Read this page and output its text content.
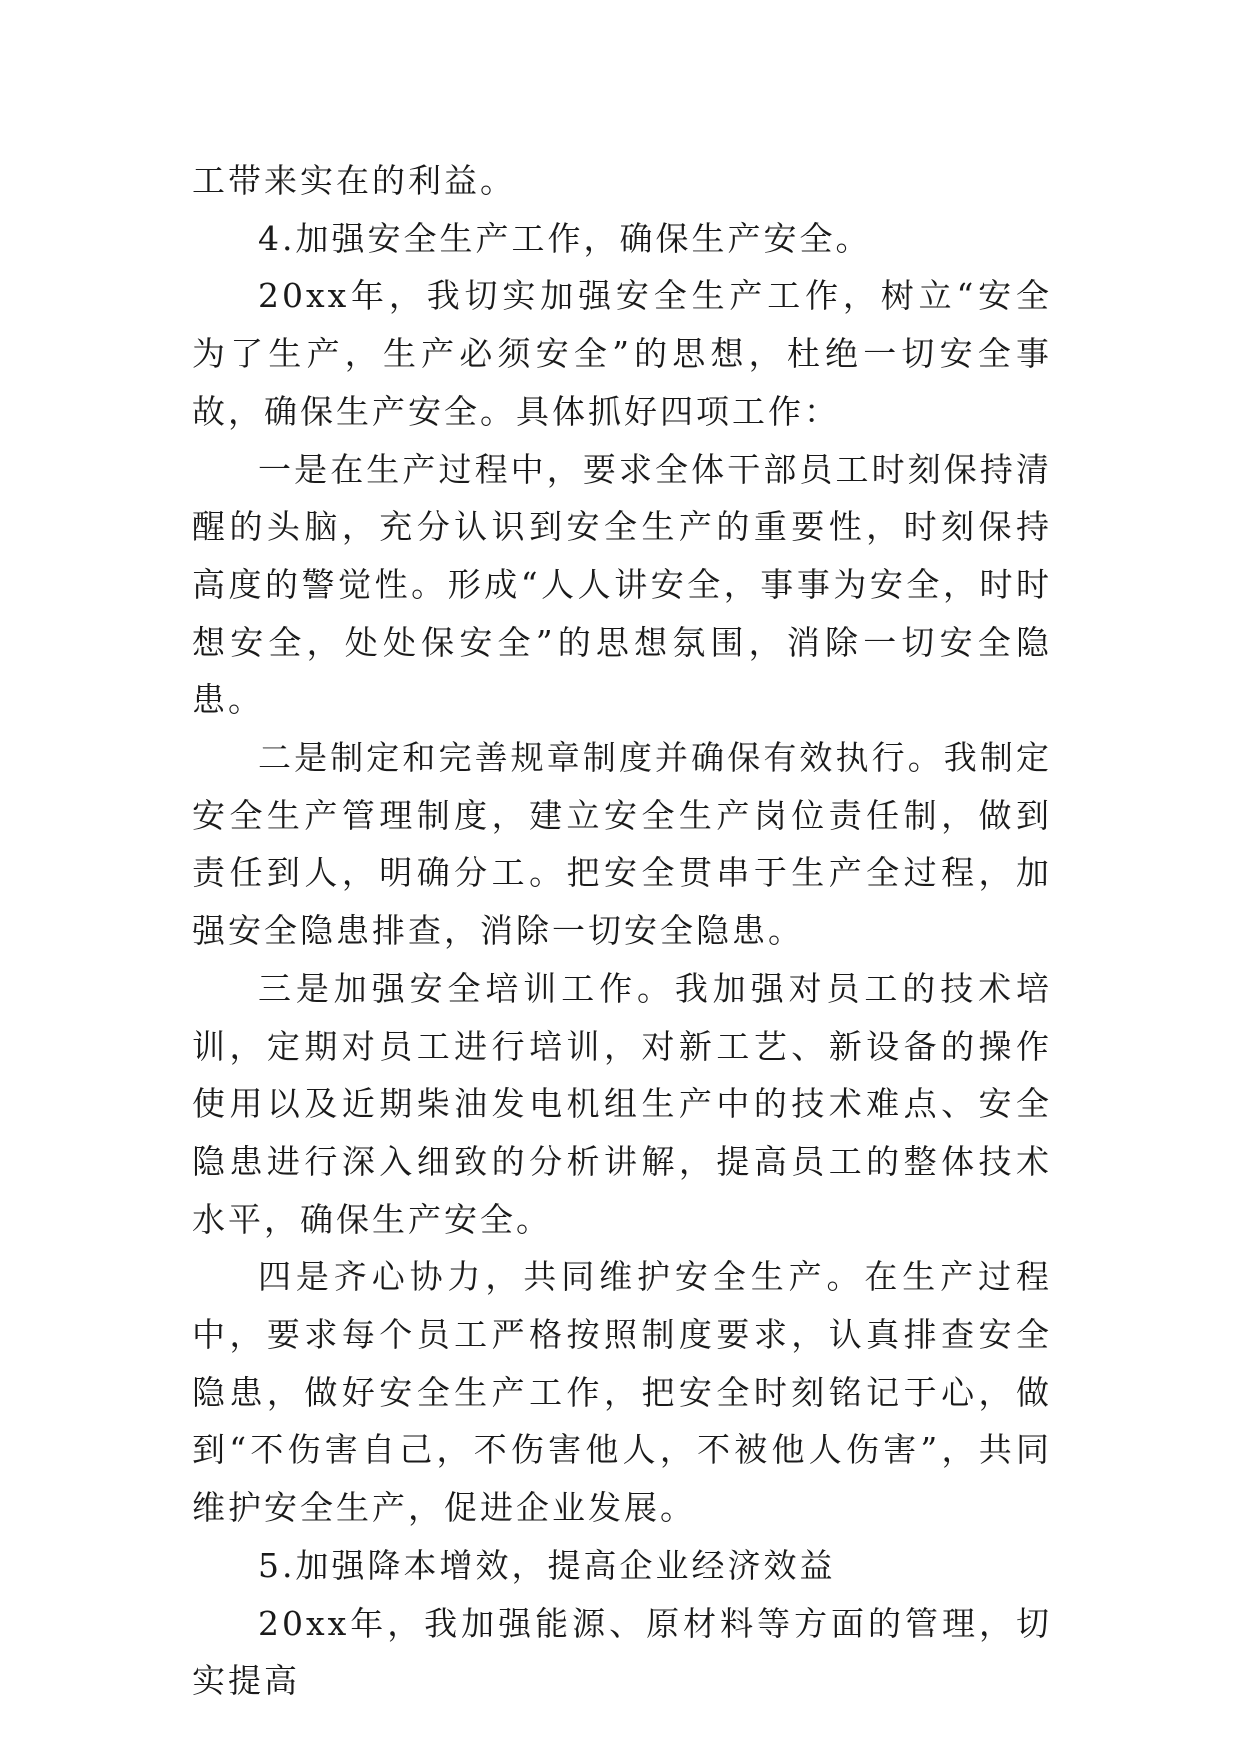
工带来实在的利益。

4.加强安全生产工作，确保生产安全。

20xx年，我切实加强安全生产工作，树立“安全为了生产，生产必须安全”的思想，杜绝一切安全事故，确保生产安全。具体抓好四项工作：

一是在生产过程中，要求全体干部员工时刻保持清醒的头脑，充分认识到安全生产的重要性，时刻保持高度的警觉性。形成“人人讲安全，事事为安全，时时想安全，处处保安全”的思想氛围，消除一切安全隐患。

二是制定和完善规章制度并确保有效执行。我制定安全生产管理制度，建立安全生产岗位责任制，做到责任到人，明确分工。把安全贯串于生产全过程，加强安全隐患排查，消除一切安全隐患。

三是加强安全培训工作。我加强对员工的技术培训，定期对员工进行培训，对新工艺、新设备的操作使用以及近期柴油发电机组生产中的技术难点、安全隐患进行深入细致的分析讲解，提高员工的整体技术水平，确保生产安全。

四是齐心协力，共同维护安全生产。在生产过程中，要求每个员工严格按照制度要求，认真排查安全隐患，做好安全生产工作，把安全时刻铭记于心，做到“不伤害自己，不伤害他人，不被他人伤害”，共同维护安全生产，促进企业发展。

5.加强降本增效，提高企业经济效益

20xx年，我加强能源、原材料等方面的管理，切实提高
